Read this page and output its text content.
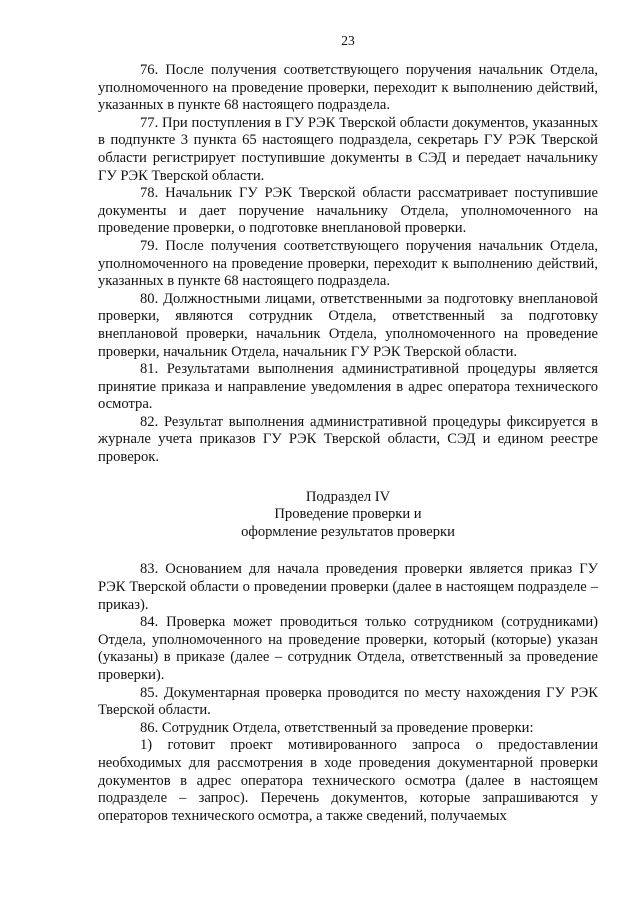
23

76. После получения соответствующего поручения начальник Отдела, уполномоченного на проведение проверки, переходит к выполнению действий, указанных в пункте 68 настоящего подраздела.

77. При поступления в ГУ РЭК Тверской области документов, указанных в подпункте 3 пункта 65 настоящего подраздела, секретарь ГУ РЭК Тверской области регистрирует поступившие документы в СЭД и передает начальнику ГУ РЭК Тверской области.

78. Начальник ГУ РЭК Тверской области рассматривает поступившие документы и дает поручение начальнику Отдела, уполномоченного на проведение проверки, о подготовке внеплановой проверки.

79. После получения соответствующего поручения начальник Отдела, уполномоченного на проведение проверки, переходит к выполнению действий, указанных в пункте 68 настоящего подраздела.

80. Должностными лицами, ответственными за подготовку внеплановой проверки, являются сотрудник Отдела, ответственный за подготовку внеплановой проверки, начальник Отдела, уполномоченного на проведение проверки, начальник Отдела, начальник ГУ РЭК Тверской области.

81. Результатами выполнения административной процедуры является принятие приказа и направление уведомления в адрес оператора технического осмотра.

82. Результат выполнения административной процедуры фиксируется в журнале учета приказов ГУ РЭК Тверской области, СЭД и едином реестре проверок.

Подраздел IV

Проведение проверки и

оформление результатов проверки

83. Основанием для начала проведения проверки является приказ ГУ РЭК Тверской области о проведении проверки (далее в настоящем подразделе – приказ).

84. Проверка может проводиться только сотрудником (сотрудниками) Отдела, уполномоченного на проведение проверки, который (которые) указан (указаны) в приказе (далее – сотрудник Отдела, ответственный за проведение проверки).

85. Документарная проверка проводится по месту нахождения ГУ РЭК Тверской области.

86. Сотрудник Отдела, ответственный за проведение проверки:

1) готовит проект мотивированного запроса о предоставлении необходимых для рассмотрения в ходе проведения документарной проверки документов в адрес оператора технического осмотра (далее в настоящем подразделе – запрос). Перечень документов, которые запрашиваются у операторов технического осмотра, а также сведений, получаемых
